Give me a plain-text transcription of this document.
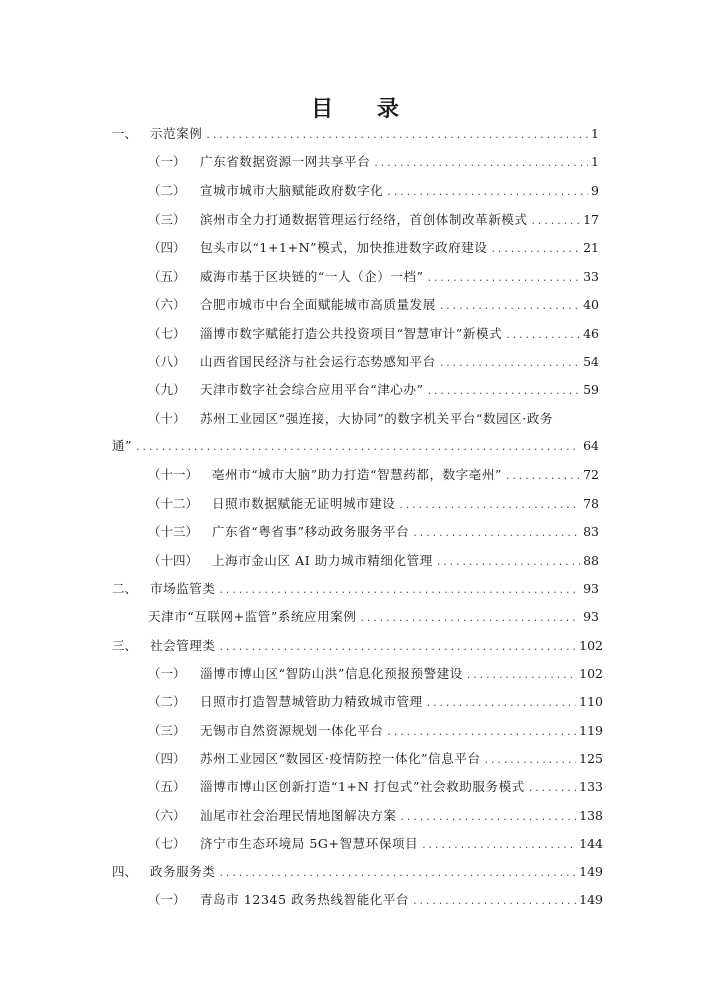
目 录
一、	示范案例 .....	1
（一）	广东省数据资源一网共享平台 .....	1
（二）	宣城市城市大脑赋能政府数字化 .....	9
（三）	滨州市全力打通数据管理运行经络，首创体制改革新模式 .....	17
（四）	包头市以“1+1+N”模式，加快推进数字政府建设 .....	21
（五）	威海市基于区块链的“一人（企）一档” .....	33
（六）	合肥市城市中台全面赋能城市高质量发展 .....	40
（七）	淄博市数字赋能打造公共投资项目“智慧审计”新模式 .....	46
（八）	山西省国民经济与社会运行态势感知平台 .....	54
（九）	天津市数字社会综合应用平台“津心办” .....	59
（十）	苏州工业园区“强连接，大协同”的数字机关平台“数园区·政务
通” .....	64
（十一）	亳州市“城市大脑”助力打造“智慧药都，数字亳州” .....	72
（十二）	日照市数据赋能无证明城市建设 .....	78
（十三）	广东省“粤省事”移动政务服务平台 .....	83
（十四）	上海市金山区 AI 助力城市精细化管理 .....	88
二、	市场监管类 .....	93
天津市“互联网+监管”系统应用案例 .....	93
三、	社会管理类 .....	102
（一）	淄博市博山区“智防山洪”信息化预报预警建设 .....	102
（二）	日照市打造智慧城管助力精致城市管理 .....	110
（三）	无锡市自然资源规划一体化平台 .....	119
（四）	苏州工业园区“数园区·疫情防控一体化”信息平台 .....	125
（五）	淄博市博山区创新打造“1+N 打包式”社会救助服务模式 .....	133
（六）	汕尾市社会治理民情地图解决方案 .....	138
（七）	济宁市生态环境局 5G+智慧环保项目 .....	144
四、	政务服务类 .....	149
（一）	青岛市 12345 政务热线智能化平台 .....	149
